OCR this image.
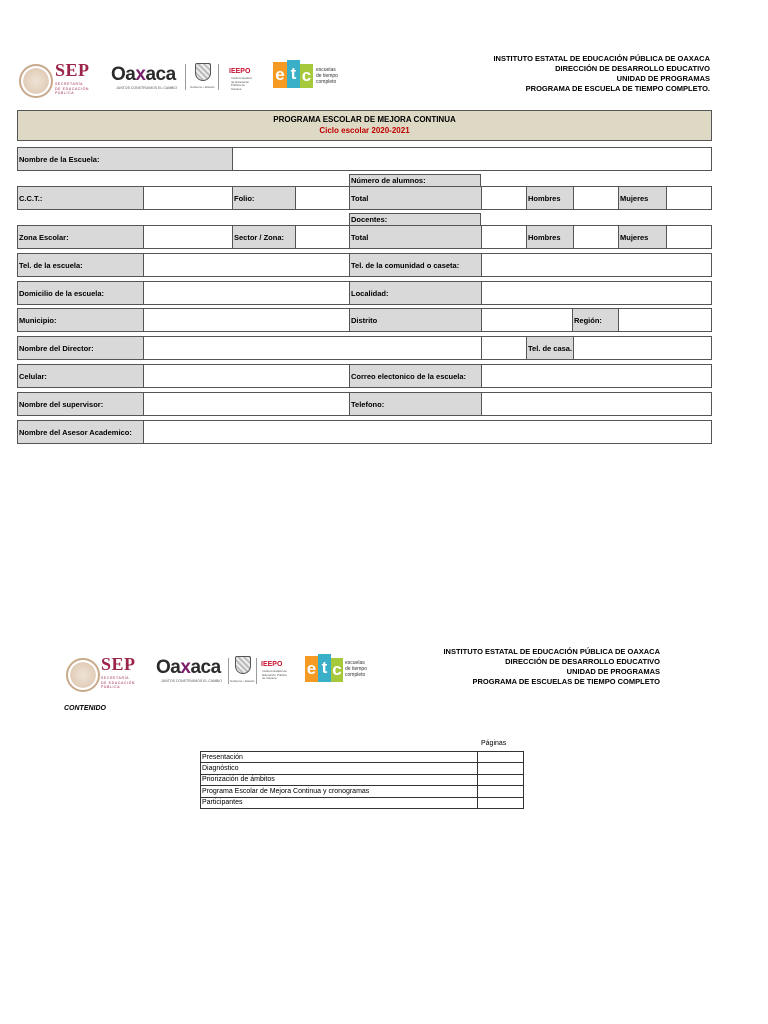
SEP
SECRETARÍA
DE EDUCACIÓN
PÚBLICA
Oaxaca
JUNTOS CONSTRUIMOS EL CAMBIO	Gobierno • Estado
IEEPO
Instituto Estatal de Educación Pública de Oaxaca
e t c escuelas
de tiempo
completo
INSTITUTO ESTATAL DE EDUCACIÓN PÚBLICA DE OAXACA
DIRECCIÓN DE DESARROLLO EDUCATIVO
UNIDAD DE PROGRAMAS
PROGRAMA DE ESCUELA DE TIEMPO COMPLETO.
PROGRAMA ESCOLAR DE MEJORA CONTINUA
Ciclo escolar 2020-2021
Nombre de la Escuela:
Número de alumnos:
C.C.T.:	Folio:	Total	Hombres	Mujeres
Docentes:
Zona Escolar:	Sector / Zona:	Total	Hombres	Mujeres
Tel. de la escuela:	Tel. de la comunidad o caseta:
Domicilio de la escuela:	Localidad:
Municipio:	Distrito	Región:
Nombre del Director:	Tel. de casa.
Celular:	Correo electonico de la escuela:
Nombre del supervisor:	Telefono:
Nombre del Asesor Academico:
SEP
SECRETARÍA
DE EDUCACIÓN
PÚBLICA
Oaxaca
JUNTOS CONSTRUIMOS EL CAMBIO	Gobierno • Estado
IEEPO
Instituto Estatal de Educación Pública de Oaxaca
e t c escuelas
de tiempo
completo
INSTITUTO ESTATAL DE EDUCACIÓN PÚBLICA DE OAXACA
DIRECCIÓN DE DESARROLLO EDUCATIVO
UNIDAD DE PROGRAMAS
PROGRAMA DE ESCUELAS DE TIEMPO COMPLETO
CONTENIDO
Páginas
Presentación	
Diagnóstico	
Priorización de ámbitos	
Programa Escolar de Mejora Continua y cronogramas	
Participantes	
